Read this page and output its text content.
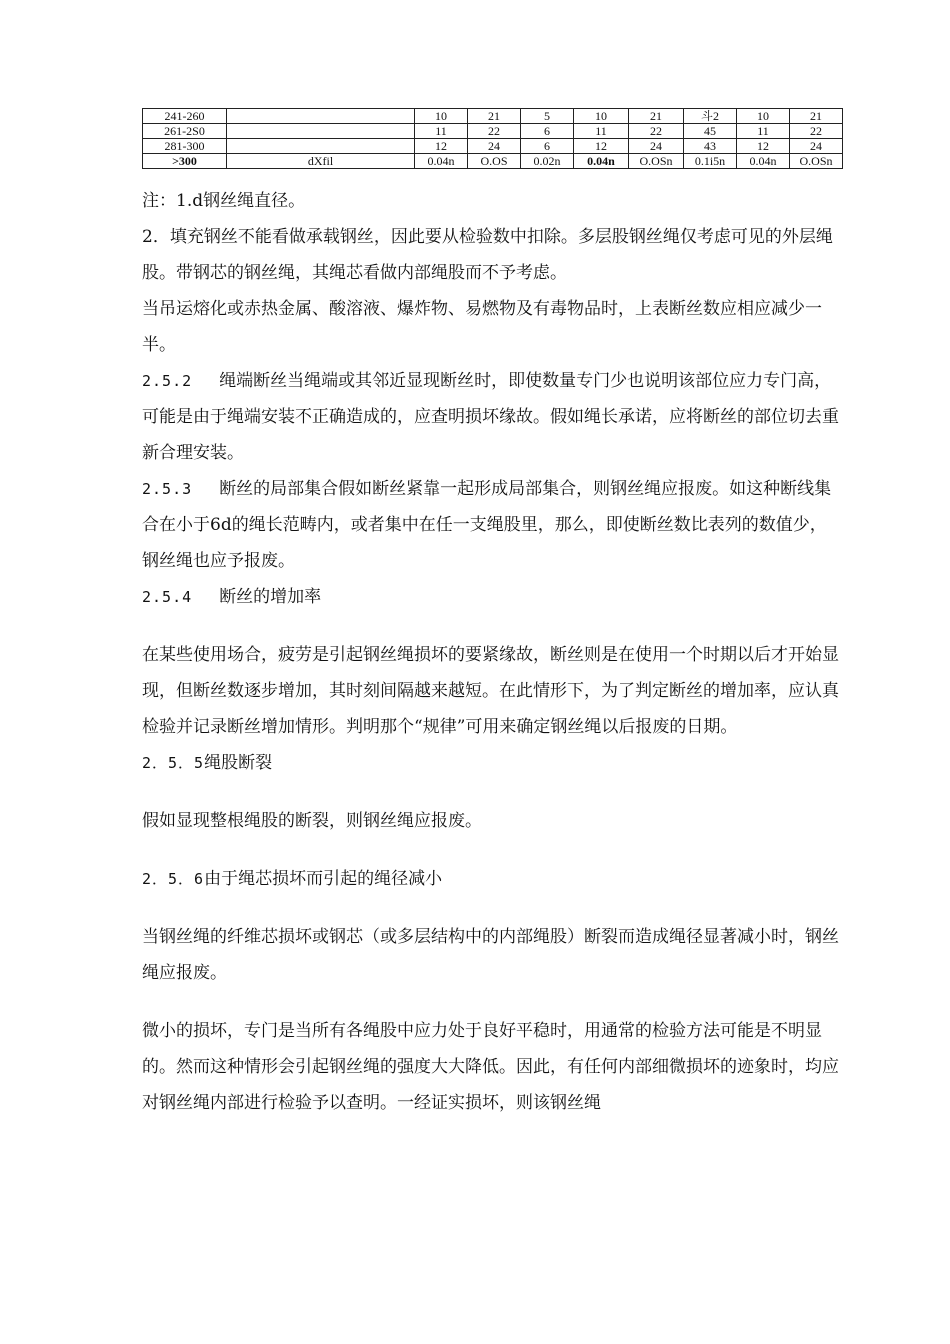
241-260		10	21	5	10	21	斗2	10	21
261-2S0		11	22	6	11	22	45	11	22
281-300		12	24	6	12	24	43	12	24
>300	dXfil	0.04n	O.OS	0.02n	0.04n	O.OSn	0.1i5n	0.04n	O.OSn

注：1.d钢丝绳直径。

2．填充钢丝不能看做承载钢丝，因此要从检验数中扣除。多层股钢丝绳仅考虑可见的外层绳股。带钢芯的钢丝绳，其绳芯看做内部绳股而不予考虑。

当吊运熔化或赤热金属、酸溶液、爆炸物、易燃物及有毒物品时，上表断丝数应相应减少一半。

2.5.2 绳端断丝当绳端或其邻近显现断丝时，即使数量专门少也说明该部位应力专门高，可能是由于绳端安装不正确造成的，应查明损坏缘故。假如绳长承诺，应将断丝的部位切去重新合理安装。

2.5.3 断丝的局部集合假如断丝紧靠一起形成局部集合，则钢丝绳应报废。如这种断线集合在小于6d的绳长范畴内，或者集中在任一支绳股里，那么，即使断丝数比表列的数值少，钢丝绳也应予报废。

2.5.4 断丝的增加率

在某些使用场合，疲劳是引起钢丝绳损坏的要紧缘故，断丝则是在使用一个时期以后才开始显现，但断丝数逐步增加，其时刻间隔越来越短。在此情形下，为了判定断丝的增加率，应认真检验并记录断丝增加情形。判明那个“规律”可用来确定钢丝绳以后报废的日期。

2．5．5绳股断裂

假如显现整根绳股的断裂，则钢丝绳应报废。

2．5．6由于绳芯损坏而引起的绳径减小

当钢丝绳的纤维芯损坏或钢芯（或多层结构中的内部绳股）断裂而造成绳径显著减小时，钢丝绳应报废。

微小的损坏，专门是当所有各绳股中应力处于良好平稳时，用通常的检验方法可能是不明显的。然而这种情形会引起钢丝绳的强度大大降低。因此，有任何内部细微损坏的迹象时，均应对钢丝绳内部进行检验予以查明。一经证实损坏，则该钢丝绳
